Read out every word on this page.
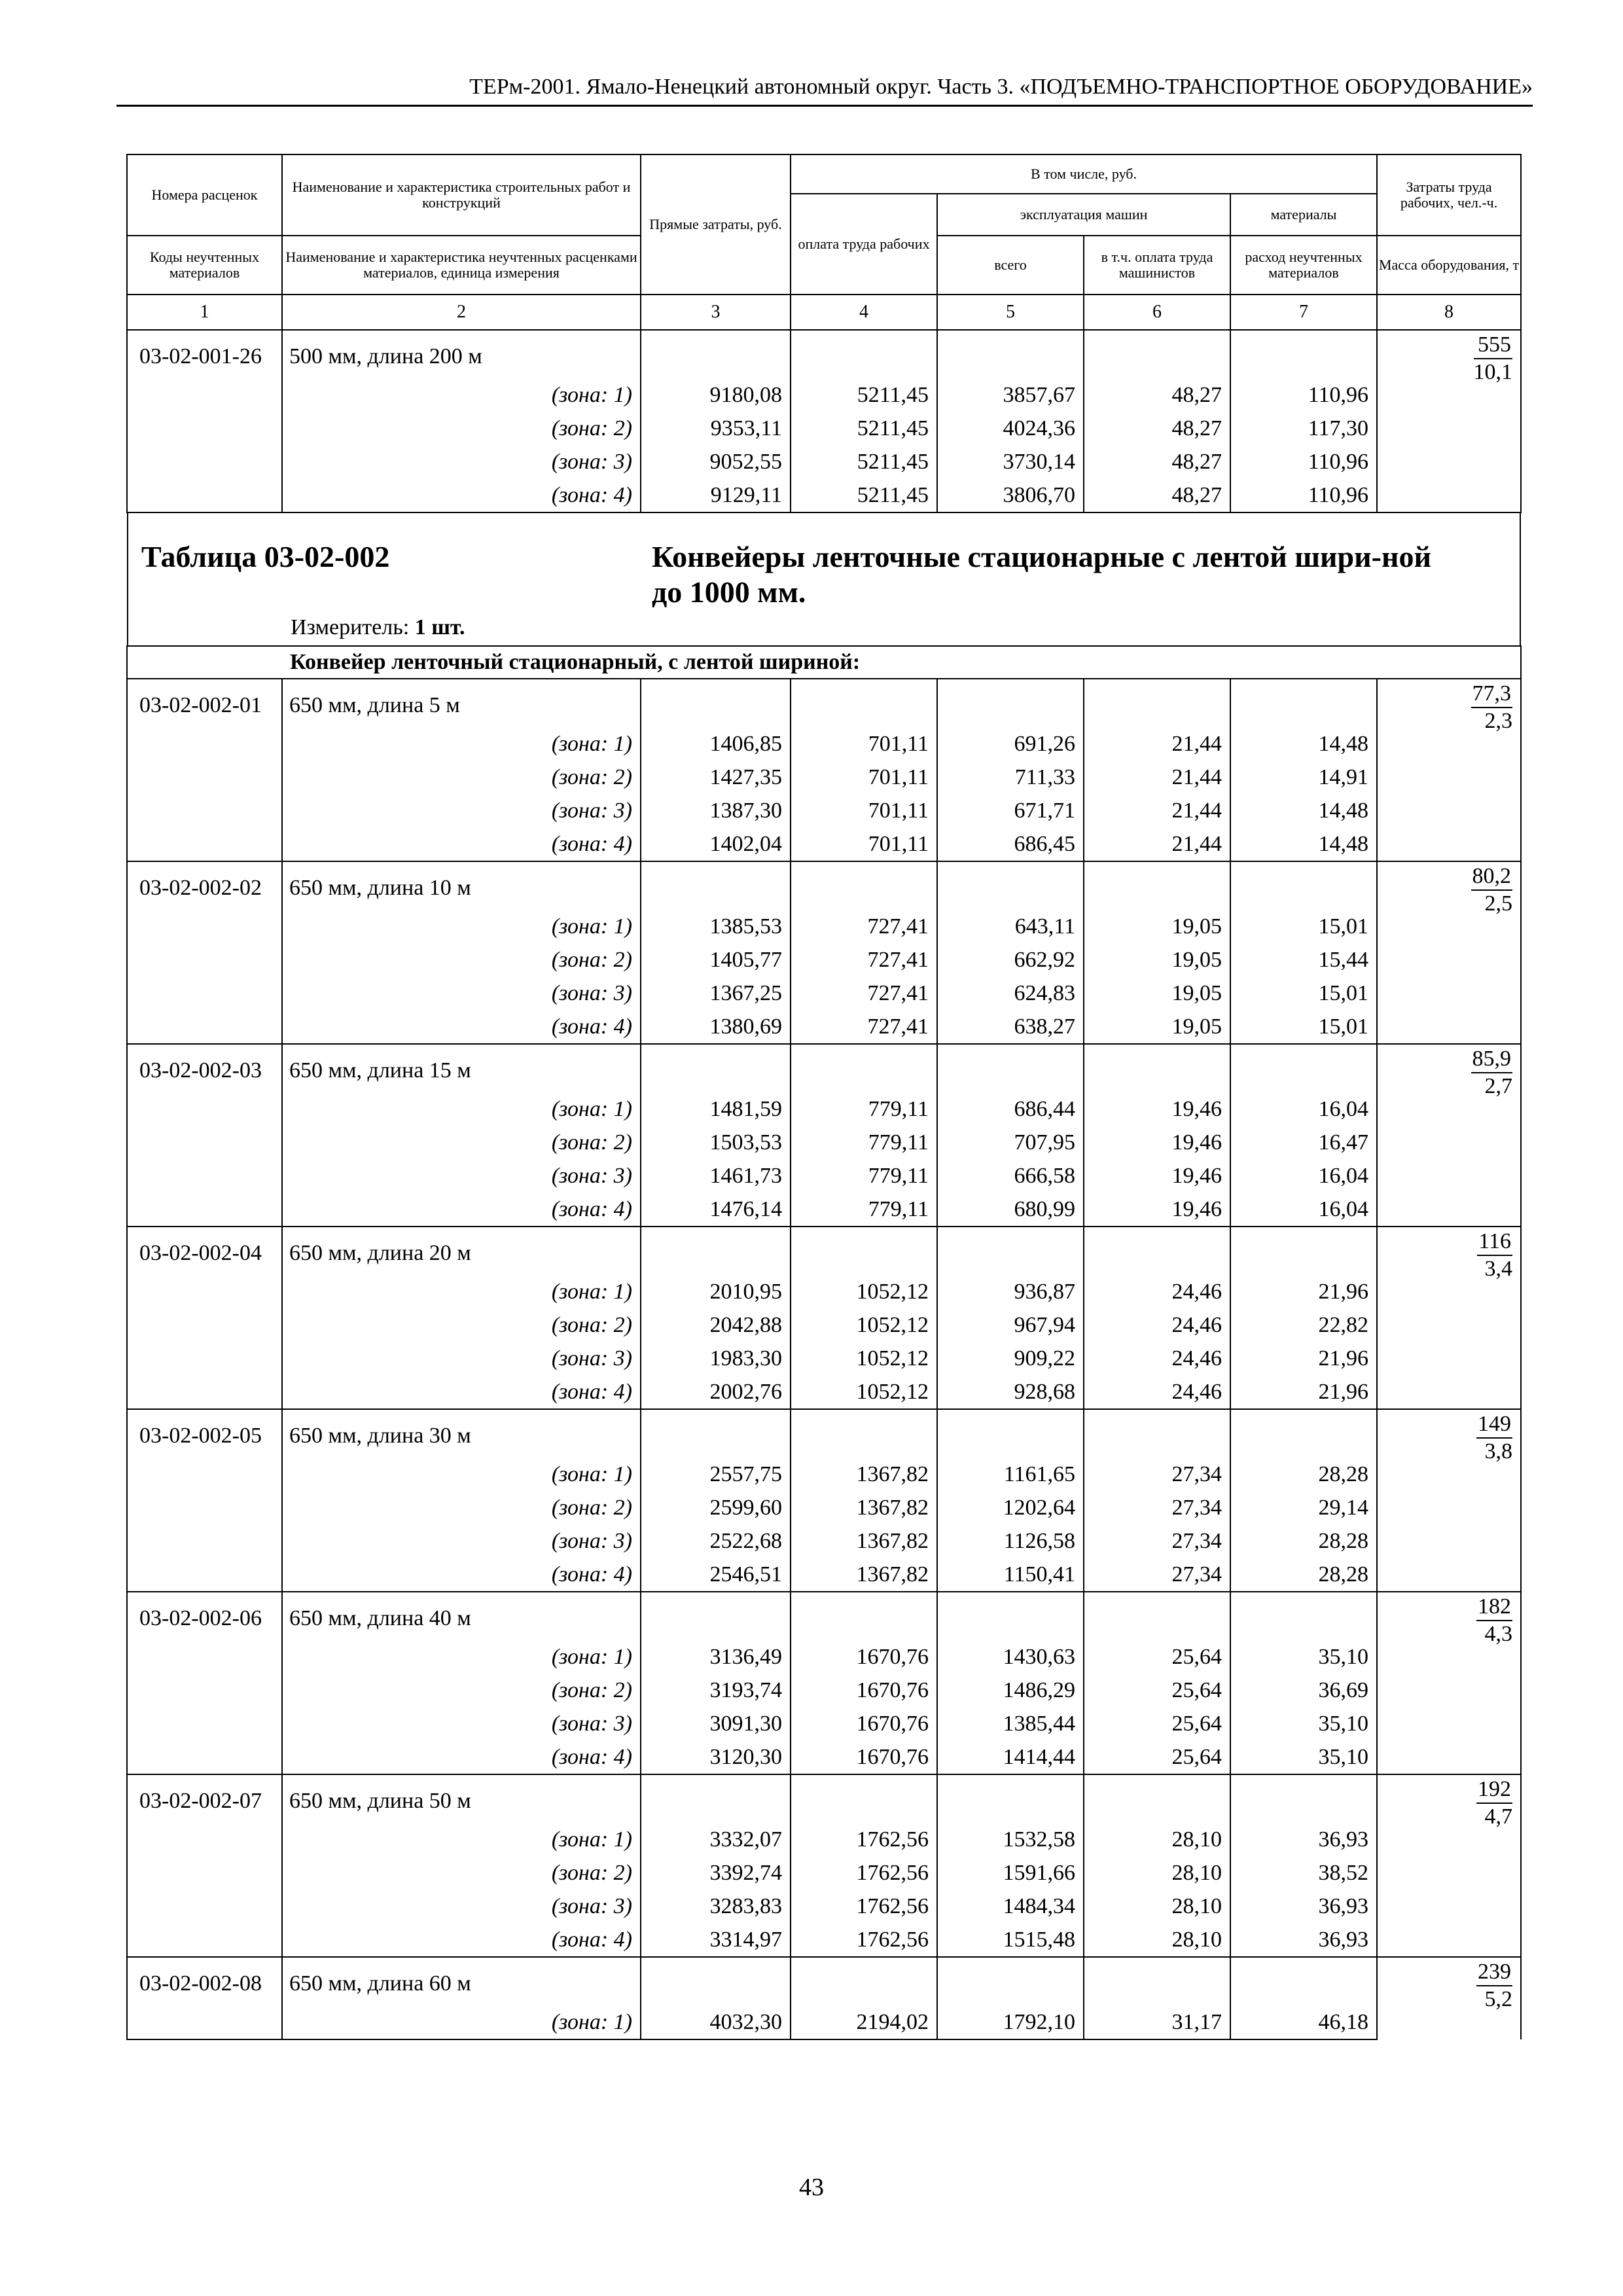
ТЕРм-2001. Ямало-Ненецкий автономный округ. Часть 3. «ПОДЪЕМНО-ТРАНСПОРТНОЕ ОБОРУДОВАНИЕ»
Номера расценок	Наименование и характеристика строительных работ и конструкций	Прямые затраты, руб.	В том числе, руб.				Затраты труда рабочих, чел.-ч.
			оплата труда рабочих	эксплуатация машин		материалы	
Коды неучтенных материалов	Наименование и характеристика неучтенных расценками материалов, единица измерения			всего	в т.ч. оплата труда машинистов	расход неучтенных материалов	Масса оборудования, т
1	2	3	4	5	6	7	8
03-02-001-26	500 мм, длина 200 м						$\frac{555}{10,1}$

	(зона: 1)	9180,08	5211,45	3857,67	48,27	110,96	
	(зона: 2)	9353,11	5211,45	4024,36	48,27	117,30	
	(зона: 3)	9052,55	5211,45	3730,14	48,27	110,96	
	(зона: 4)	9129,11	5211,45	3806,70	48,27	110,96	

Таблица 03-02-002 Конвейеры ленточные стационарные с лентой шири-ной до 1000 мм.
Измеритель: 1 шт.							

Конвейер ленточный стационарный, с лентой шириной:							
03-02-002-01	650 мм, длина 5 м						$\frac{77,3}{2,3}$

	(зона: 1)	1406,85	701,11	691,26	21,44	14,48	
	(зона: 2)	1427,35	701,11	711,33	21,44	14,91	
	(зона: 3)	1387,30	701,11	671,71	21,44	14,48	
	(зона: 4)	1402,04	701,11	686,45	21,44	14,48	
03-02-002-02	650 мм, длина 10 м						$\frac{80,2}{2,5}$

	(зона: 1)	1385,53	727,41	643,11	19,05	15,01	
	(зона: 2)	1405,77	727,41	662,92	19,05	15,44	
	(зона: 3)	1367,25	727,41	624,83	19,05	15,01	
	(зона: 4)	1380,69	727,41	638,27	19,05	15,01	
03-02-002-03	650 мм, длина 15 м						$\frac{85,9}{2,7}$

	(зона: 1)	1481,59	779,11	686,44	19,46	16,04	
	(зона: 2)	1503,53	779,11	707,95	19,46	16,47	
	(зона: 3)	1461,73	779,11	666,58	19,46	16,04	
	(зона: 4)	1476,14	779,11	680,99	19,46	16,04	
03-02-002-04	650 мм, длина 20 м						$\frac{116}{3,4}$

	(зона: 1)	2010,95	1052,12	936,87	24,46	21,96	
	(зона: 2)	2042,88	1052,12	967,94	24,46	22,82	
	(зона: 3)	1983,30	1052,12	909,22	24,46	21,96	
	(зона: 4)	2002,76	1052,12	928,68	24,46	21,96	
03-02-002-05	650 мм, длина 30 м						$\frac{149}{3,8}$

	(зона: 1)	2557,75	1367,82	1161,65	27,34	28,28	
	(зона: 2)	2599,60	1367,82	1202,64	27,34	29,14	
	(зона: 3)	2522,68	1367,82	1126,58	27,34	28,28	
	(зона: 4)	2546,51	1367,82	1150,41	27,34	28,28	
03-02-002-06	650 мм, длина 40 м						$\frac{182}{4,3}$

	(зона: 1)	3136,49	1670,76	1430,63	25,64	35,10	
	(зона: 2)	3193,74	1670,76	1486,29	25,64	36,69	
	(зона: 3)	3091,30	1670,76	1385,44	25,64	35,10	
	(зона: 4)	3120,30	1670,76	1414,44	25,64	35,10	
03-02-002-07	650 мм, длина 50 м						$\frac{192}{4,7}$

	(зона: 1)	3332,07	1762,56	1532,58	28,10	36,93	
	(зона: 2)	3392,74	1762,56	1591,66	28,10	38,52	
	(зона: 3)	3283,83	1762,56	1484,34	28,10	36,93	
	(зона: 4)	3314,97	1762,56	1515,48	28,10	36,93	
03-02-002-08	650 мм, длина 60 м						$\frac{239}{5,2}$

	(зона: 1)	4032,30	2194,02	1792,10	31,17	46,18	
43
